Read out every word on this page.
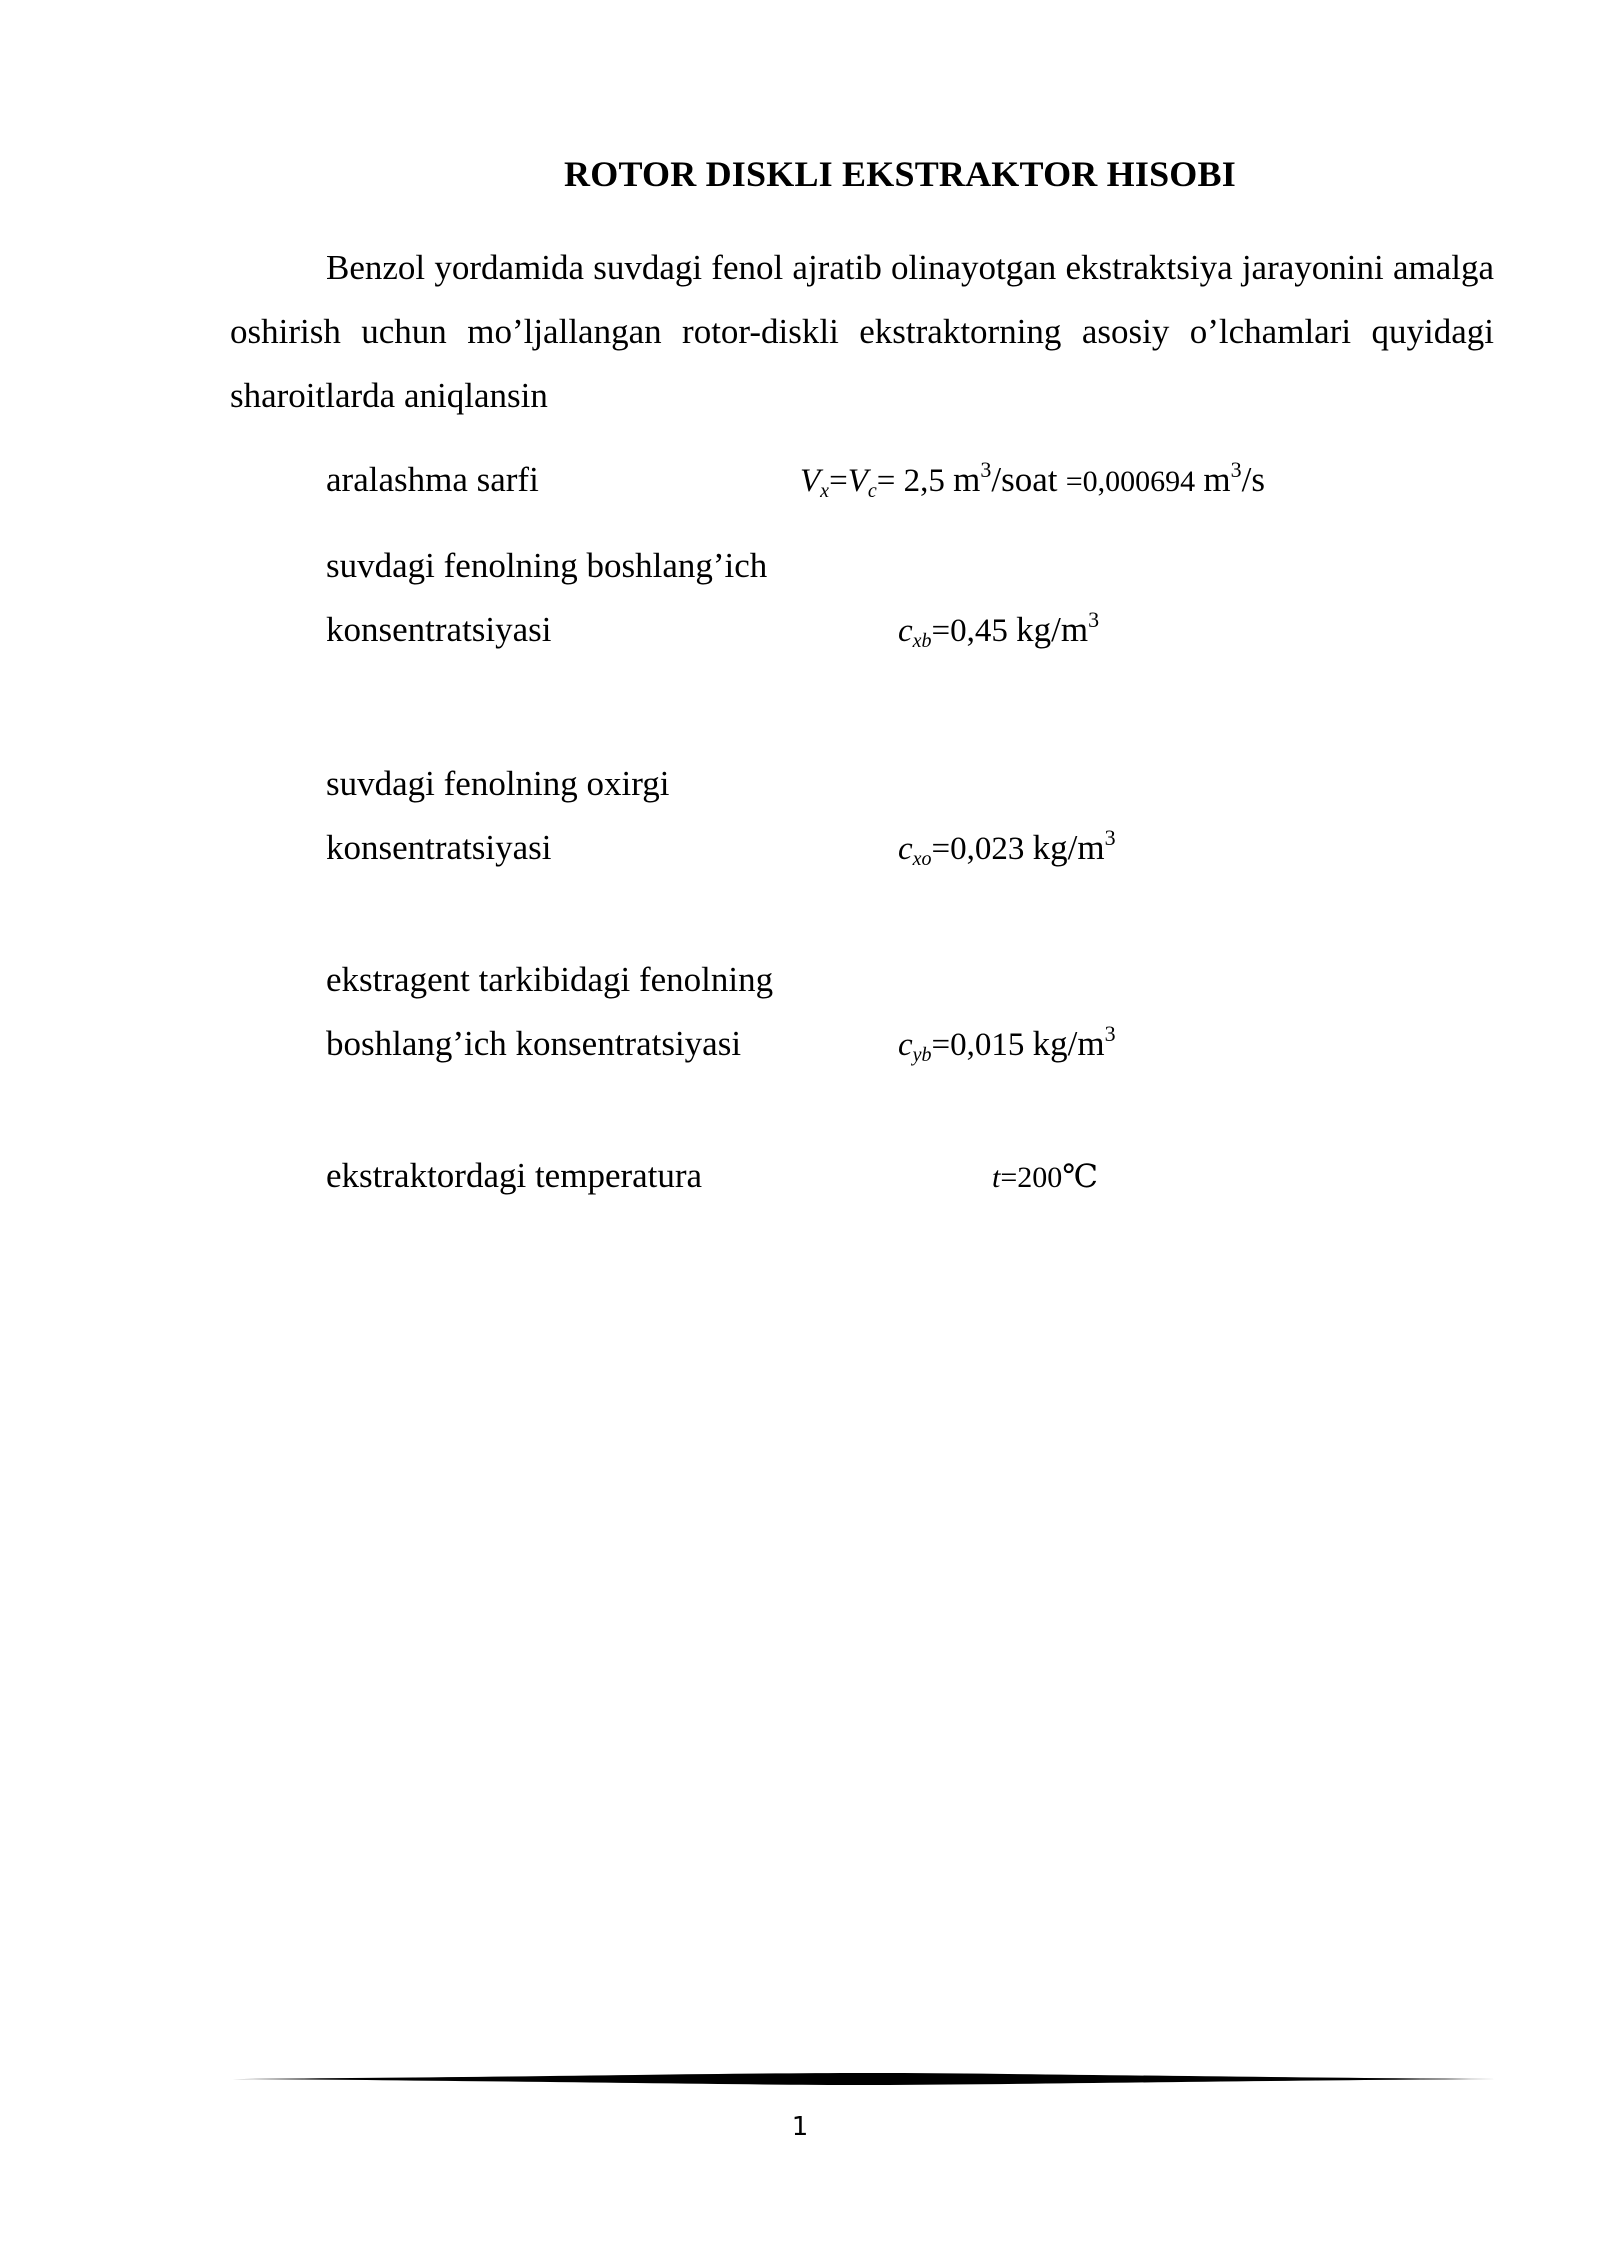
ROTOR DISKLI EKSTRAKTOR HISOBI

Benzol yordamida suvdagi fenol ajratib olinayotgan ekstraktsiya jarayonini amalga oshirish uchun mo’ljallangan rotor-diskli ekstraktorning asosiy o’lchamlari quyidagi sharoitlarda aniqlansin

aralashma sarfi	$V_x=V_c= 2,5$ $m^3$/soat =0,000694 $m^3/s$
suvdagi fenolning boshlang’ich
konsentratsiyasi	$c_{xb}=0,45$ $kg/m^3$
suvdagi fenolning oxirgi
konsentratsiyasi	$c_{xo}=0,023$ $kg/m^3$
ekstragent tarkibidagi fenolning
boshlang’ich konsentratsiyasi	$c_{yb}=0,015$ $kg/m^3$
ekstraktordagi temperatura	t=200℃
1
